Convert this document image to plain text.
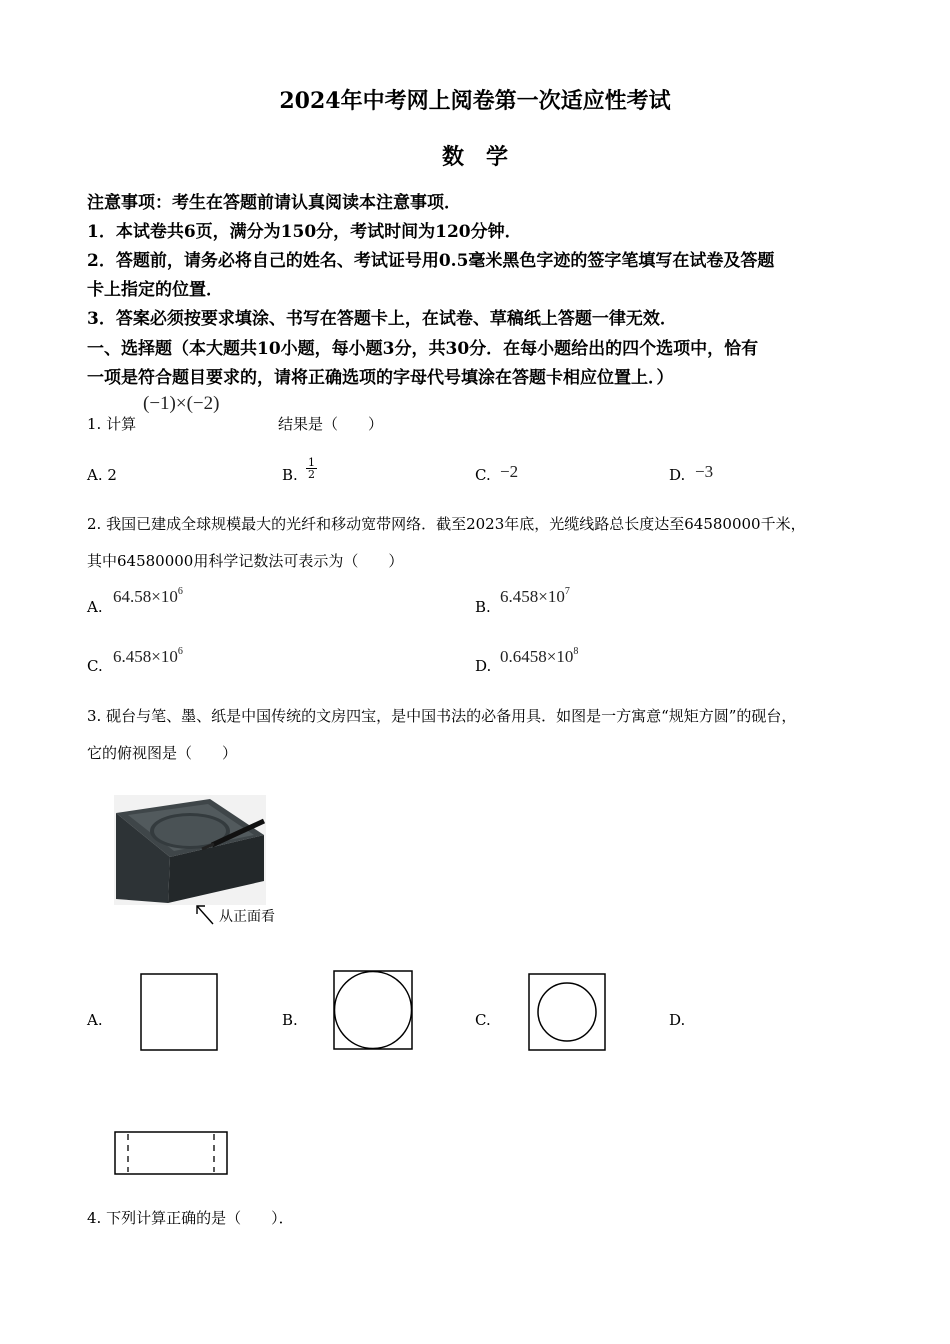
2024年中考网上阅卷第一次适应性考试
数　学
注意事项：考生在答题前请认真阅读本注意事项．
1．本试卷共6页，满分为150分，考试时间为120分钟．
2．答题前，请务必将自己的姓名、考试证号用0.5毫米黑色字迹的签字笔填写在试卷及答题
卡上指定的位置．
3．答案必须按要求填涂、书写在答题卡上，在试卷、草稿纸上答题一律无效．
一、选择题（本大题共10小题，每小题3分，共30分．在每小题给出的四个选项中，恰有
一项是符合题目要求的，请将正确选项的字母代号填涂在答题卡相应位置上．）
1. 计算
(−1)×(−2)
结果是（　　）
A. 2	B. $\frac{1}{2}$	C. −2	D. −3
2. 我国已建成全球规模最大的光纤和移动宽带网络．截至2023年底，光缆线路总长度达至64580000千米，
其中64580000用科学记数法可表示为（　　）
A.
$64.58\times 10^6$
B.
$6.458\times 10^7$
C. $6.458\times 10^6$
D. $0.6458\times 10^8$
3. 砚台与笔、墨、纸是中国传统的文房四宝，是中国书法的必备用具．如图是一方寓意“规矩方圆”的砚台，
它的俯视图是（　　）
从正面看
A.	B.	C.	D.
4. 下列计算正确的是（　　）．
